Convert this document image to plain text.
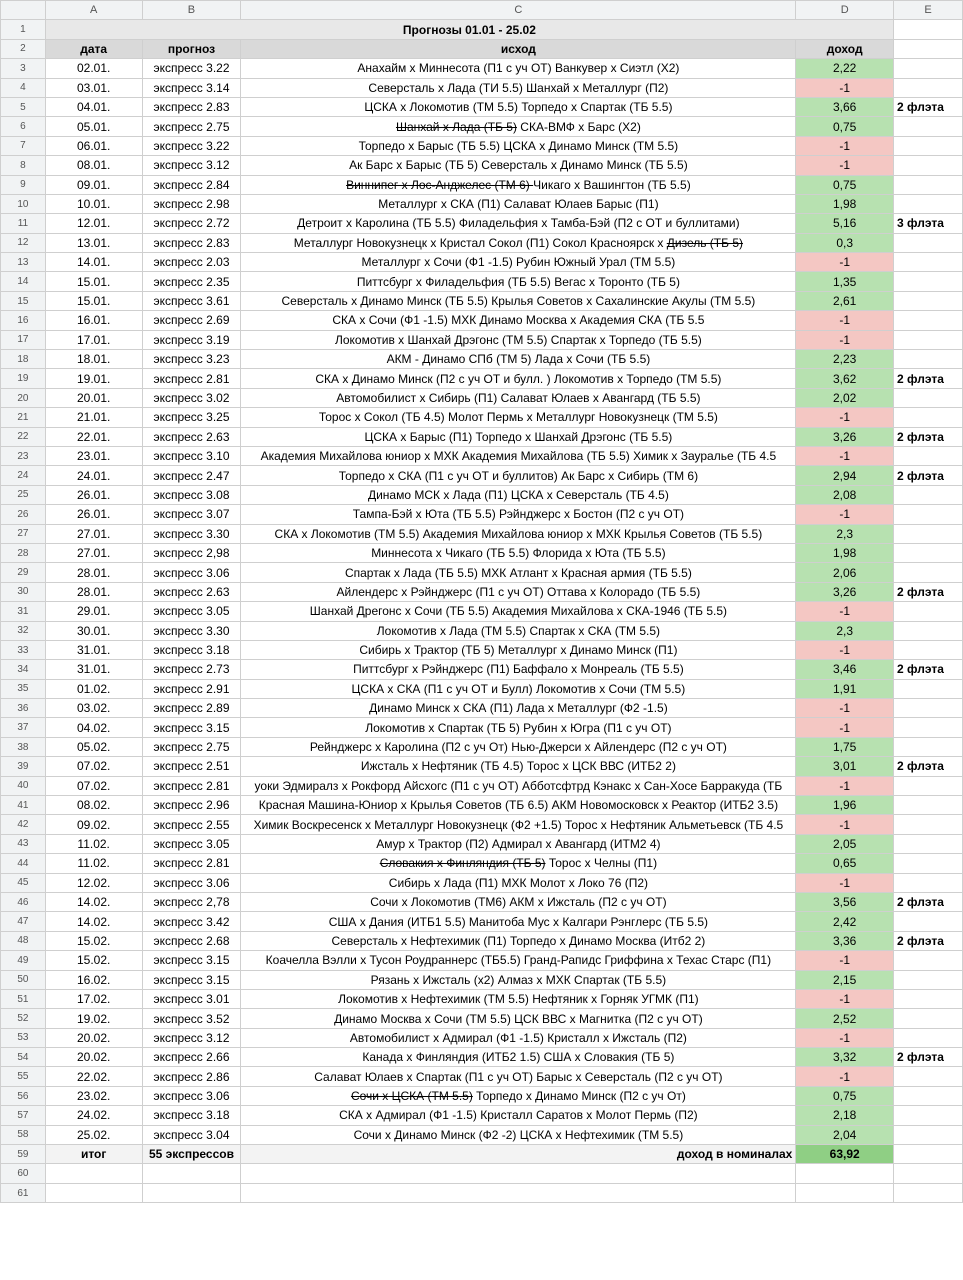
	A	B	C	D	E
1	Прогнозы 01.01 - 25.02				
2	дата	прогноз	исход	доход	
3	02.01.	экспресс 3.22	Анахайм х Миннесота (П1 с уч ОТ) Ванкувер х Сиэтл (Х2)	2,22	
4	03.01.	экспресс 3.14	Северсталь х Лада (ТИ 5.5) Шанхай х Металлург (П2)	-1	
5	04.01.	экспресс 2.83	ЦСКА х Локомотив (ТМ 5.5) Торпедо х Спартак (ТБ 5.5)	3,66	2 флэта
6	05.01.	экспресс 2.75	Шанхай х Лада (ТБ 5) СКА-ВМФ х Барс (Х2)	0,75	
7	06.01.	экспресс 3.22	Торпедо х Барыс (ТБ 5.5) ЦСКА х Динамо Минск (ТМ 5.5)	-1	
8	08.01.	экспресс 3.12	Ак Барс х Барыс (ТБ 5) Северсталь х Динамо Минск (ТБ 5.5)	-1	
9	09.01.	экспресс 2.84	Виннипег х Лос-Анджелес (ТМ 6) Чикаго х Вашингтон (ТБ 5.5)	0,75	
10	10.01.	экспресс 2.98	Металлург х СКА (П1) Салават Юлаев Барыс (П1)	1,98	
11	12.01.	экспресс 2.72	Детроит х Каролина (ТБ 5.5) Филадельфия х Тамба-Бэй (П2 с ОТ и буллитами)	5,16	3 флэта
12	13.01.	экспресс 2.83	Металлург Новокузнецк х Кристал Сокол (П1) Сокол Красноярск х Дизель (ТБ 5)	0,3	
13	14.01.	экспресс 2.03	Металлург х Сочи (Ф1 -1.5) Рубин Южный Урал (ТМ 5.5)	-1	
14	15.01.	экспресс 2.35	Питтсбург х Филадельфия (ТБ 5.5) Вегас х Торонто (ТБ 5)	1,35	
15	15.01.	экспресс 3.61	Северсталь х Динамо Минск (ТБ 5.5) Крылья Советов х Сахалинские Акулы (ТМ 5.5)	2,61	
16	16.01.	экспресс 2.69	СКА х Сочи (Ф1 -1.5) МХК Динамо Москва х Академия СКА (ТБ 5.5	-1	
17	17.01.	экспресс 3.19	Локомотив х Шанхай Дрэгонс (ТМ 5.5) Спартак х Торпедо (ТБ 5.5)	-1	
18	18.01.	экспресс 3.23	АКМ - Динамо СПб (ТМ 5) Лада х Сочи (ТБ 5.5)	2,23	
19	19.01.	экспресс 2.81	СКА х Динамо Минск (П2 с уч ОТ и булл. ) Локомотив х Торпедо (ТМ 5.5)	3,62	2 флэта
20	20.01.	экспресс 3.02	Автомобилист х Сибирь (П1) Салават Юлаев х Авангард (ТБ 5.5)	2,02	
21	21.01.	экспресс 3.25	Торос х Сокол (ТБ 4.5) Молот Пермь х Металлург Новокузнецк (ТМ 5.5)	-1	
22	22.01.	экспресс 2.63	ЦСКА х Барыс (П1) Торпедо х Шанхай Дрэгонс (ТБ 5.5)	3,26	2 флэта
23	23.01.	экспресс 3.10	Академия Михайлова юниор х МХК Академия Михайлова (ТБ 5.5) Химик х Зауралье (ТБ 4.5	-1	
24	24.01.	экспресс 2.47	Торпедо х СКА (П1 с уч ОТ и буллитов) Ак Барс х Сибирь (ТМ 6)	2,94	2 флэта
25	26.01.	экспресс 3.08	Динамо МСК х Лада (П1) ЦСКА х Северсталь (ТБ 4.5)	2,08	
26	26.01.	экспресс 3.07	Тампа-Бэй х Юта (ТБ 5.5) Рэйнджерс х Бостон (П2 с уч ОТ)	-1	
27	27.01.	экспресс 3.30	СКА х Локомотив (ТМ 5.5) Академия Михайлова юниор х МХК Крылья Советов (ТБ 5.5)	2,3	
28	27.01.	экспресс 2,98	Миннесота х Чикаго (ТБ 5.5) Флорида х Юта (ТБ 5.5)	1,98	
29	28.01.	экспресс 3.06	Спартак х Лада (ТБ 5.5) МХК Атлант х Красная армия (ТБ 5.5)	2,06	
30	28.01.	экспресс 2.63	Айлендерс х Рэйнджерс (П1 с уч ОТ) Оттава х Колорадо (ТБ 5.5)	3,26	2 флэта
31	29.01.	экспресс 3.05	Шанхай Дрегонс х Сочи (ТБ 5.5) Академия Михайлова х СКА-1946 (ТБ 5.5)	-1	
32	30.01.	экспресс 3.30	Локомотив х Лада (ТМ 5.5) Спартак х СКА (ТМ 5.5)	2,3	
33	31.01.	экспресс 3.18	Сибирь х Трактор (ТБ 5) Металлург х Динамо Минск (П1)	-1	
34	31.01.	экспресс 2.73	Питтсбург х Рэйнджерс (П1) Баффало х Монреаль (ТБ 5.5)	3,46	2 флэта
35	01.02.	экспресс 2.91	ЦСКА х СКА (П1 с уч ОТ и Булл) Локомотив х Сочи (ТМ 5.5)	1,91	
36	03.02.	экспресс 2.89	Динамо Минск х СКА (П1) Лада х Металлург (Ф2 -1.5)	-1	
37	04.02.	экспресс 3.15	Локомотив х Спартак (ТБ 5) Рубин х Югра (П1 с уч ОТ)	-1	
38	05.02.	экспресс 2.75	Рейнджерс х Каролина (П2 с уч От) Нью-Джерси х Айлендерс (П2 с уч ОТ)	1,75	
39	07.02.	экспресс 2.51	Ижсталь х Нефтяник (ТБ 4.5) Торос х ЦСК ВВС (ИТБ2 2)	3,01	2 флэта
40	07.02.	экспресс 2.81	уоки Эдмиралз х Рокфорд Айсхогс (П1 с уч ОТ) Абботсфтрд Кэнакс х Сан-Хосе Барракуда (ТБ	-1	
41	08.02.	экспресс 2.96	Красная Машина-Юниор х Крылья Советов (ТБ 6.5) АКМ Новомосковск х Реактор (ИТБ2 3.5)	1,96	
42	09.02.	экспресс 2.55	Химик Воскресенск х Металлург Новокузнецк (Ф2 +1.5) Торос х Нефтяник Альметьевск (ТБ 4.5	-1	
43	11.02.	экспресс 3.05	Амур х Трактор (П2) Адмирал х Авангард (ИТМ2 4)	2,05	
44	11.02.	экспресс 2.81	Словакия х Финляндия (ТБ 5) Торос х Челны (П1)	0,65	
45	12.02.	экспресс 3.06	Сибирь х Лада (П1) МХК Молот х Локо 76 (П2)	-1	
46	14.02.	экспресс 2,78	Сочи х Локомотив (ТМ6) АКМ х Ижсталь (П2 с уч ОТ)	3,56	2 флэта
47	14.02.	экспресс 3.42	США х Дания (ИТБ1 5.5) Манитоба Мус х Калгари Рэнглерс (ТБ 5.5)	2,42	
48	15.02.	экспресс 2.68	Северсталь х Нефтехимик (П1) Торпедо х Динамо Москва (Итб2 2)	3,36	2 флэта
49	15.02.	экспресс 3.15	Коачелла Вэлли х Тусон Роудраннерс (ТБ5.5) Гранд-Рапидс Гриффина х Техас Старс (П1)	-1	
50	16.02.	экспресс 3.15	Рязань х Ижсталь (х2) Алмаз х МХК Спартак (ТБ 5.5)	2,15	
51	17.02.	экспресс 3.01	Локомотив х Нефтехимик (ТМ 5.5) Нефтяник х Горняк УГМК (П1)	-1	
52	19.02.	экспресс 3.52	Динамо Москва х Сочи (ТМ 5.5) ЦСК ВВС х Магнитка (П2 с уч ОТ)	2,52	
53	20.02.	экспресс 3.12	Автомобилист х Адмирал (Ф1 -1.5) Кристалл х Ижсталь (П2)	-1	
54	20.02.	экспресс 2.66	Канада х Финляндия (ИТБ2 1.5) США х Словакия (ТБ 5)	3,32	2 флэта
55	22.02.	экспресс 2.86	Салават Юлаев х Спартак (П1 с уч ОТ) Барыс х Северсталь (П2 с уч ОТ)	-1	
56	23.02.	экспресс 3.06	Сочи х ЦСКА (ТМ 5.5) Торпедо х Динамо Минск (П2 с уч От)	0,75	
57	24.02.	экспресс 3.18	СКА х Адмирал (Ф1 -1.5) Кристалл Саратов х Молот Пермь (П2)	2,18	
58	25.02.	экспресс 3.04	Сочи х Динамо Минск (Ф2 -2) ЦСКА х Нефтехимик (ТМ 5.5)	2,04	
59	итог	55 экспрессов	доход в номиналах	63,92	
60					
61					
